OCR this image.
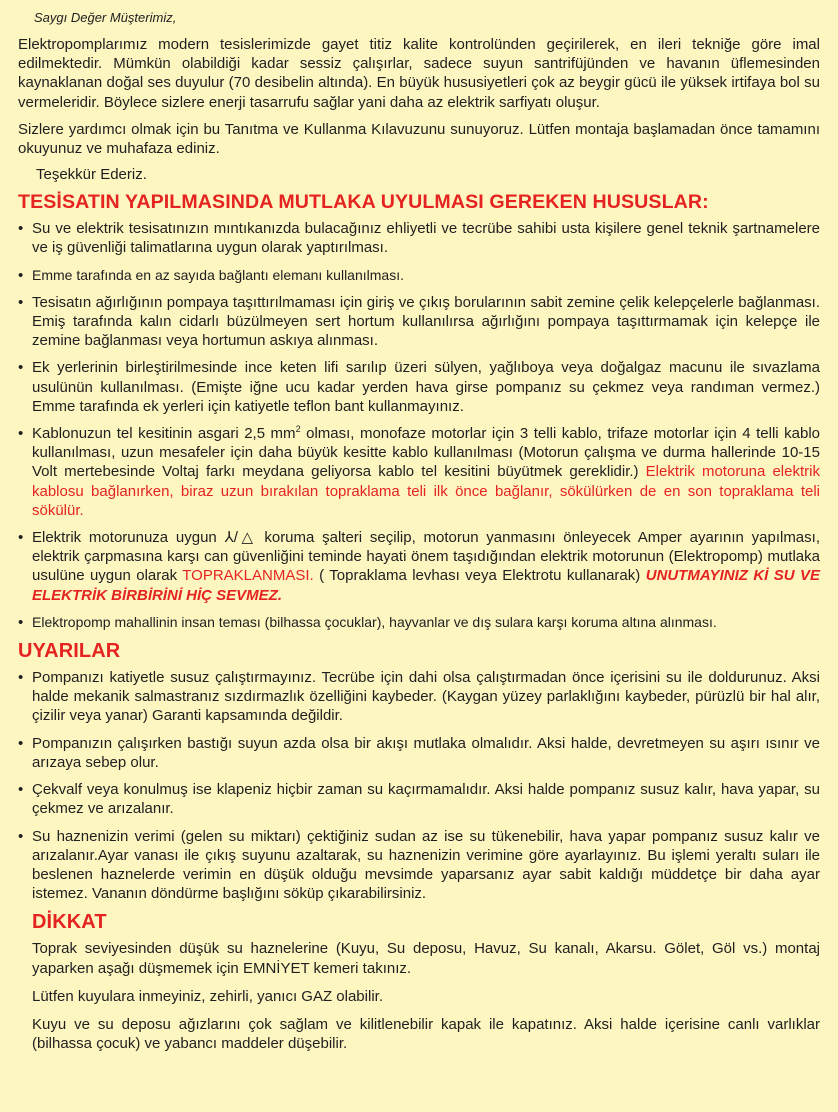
Saygı Değer Müşterimiz,

Elektropomplarımız modern tesislerimizde gayet titiz kalite kontrolünden geçirilerek, en ileri tekniğe göre imal edilmektedir. Mümkün olabildiği kadar sessiz çalışırlar, sadece suyun santrifüjünden ve havanın üflemesinden kaynaklanan doğal ses duyulur (70 desibelin altında). En büyük hususiyetleri çok az beygir gücü ile yüksek irtifaya bol su vermeleridir. Böylece sizlere enerji tasarrufu sağlar yani daha az elektrik sarfiyatı oluşur.

Sizlere yardımcı olmak için bu Tanıtma ve Kullanma Kılavuzunu sunuyoruz. Lütfen montaja başlamadan önce tamamını okuyunuz ve muhafaza ediniz.

Teşekkür Ederiz.
TESİSATIN YAPILMASINDA MUTLAKA UYULMASI GEREKEN HUSUSLAR:
• Su ve elektrik tesisatınızın mıntıkanızda bulacağınız ehliyetli ve tecrübe sahibi usta kişilere genel teknik şartnamelere ve iş güvenliği talimatlarına uygun olarak yaptırılması.
• Emme tarafında en az sayıda bağlantı elemanı kullanılması.
• Tesisatın ağırlığının pompaya taşıttırılmaması için giriş ve çıkış borularının sabit zemine çelik kelepçelerle bağlanması. Emiş tarafında kalın cidarlı büzülmeyen sert hortum kullanılırsa ağırlığını pompaya taşıttırmamak için kelepçe ile zemine bağlanması veya hortumun askıya alınması.
• Ek yerlerinin birleştirilmesinde ince keten lifi sarılıp üzeri sülyen, yağlıboya veya doğalgaz macunu ile sıvazlama usulünün kullanılması. (Emişte iğne ucu kadar yerden hava girse pompanız su çekmez veya randıman vermez.) Emme tarafında ek yerleri için katiyetle teflon bant kullanmayınız.
• Kablonuzun tel kesitinin asgari 2,5 $mm^2$ olması, monofaze motorlar için 3 telli kablo, trifaze motorlar için 4 telli kablo kullanılması, uzun mesafeler için daha büyük kesitte kablo kullanılması (Motorun çalışma ve durma hallerinde 10-15 Volt mertebesinde Voltaj farkı meydana geliyorsa kablo tel kesitini büyütmek gereklidir.) Elektrik motoruna elektrik kablosu bağlanırken, biraz uzun bırakılan topraklama teli ilk önce bağlanır, sökülürken de en son topraklama teli sökülür.
• Elektrik motorunuza uygun ⅄/△ koruma şalteri seçilip, motorun yanmasını önleyecek Amper ayarının yapılması, elektrik çarpmasına karşı can güvenliğini teminde hayati önem taşıdığından elektrik motorunun (Elektropomp) mutlaka usulüne uygun olarak TOPRAKLANMASI. ( Topraklama levhası veya Elektrotu kullanarak) UNUTMAYINIZ Kİ SU VE ELEKTRİK BİRBİRİNİ HİÇ SEVMEZ.
• Elektropomp mahallinin insan teması (bilhassa çocuklar), hayvanlar ve dış sulara karşı koruma altına alınması.
UYARILAR
• Pompanızı katiyetle susuz çalıştırmayınız. Tecrübe için dahi olsa çalıştırmadan önce içerisini su ile doldurunuz. Aksi halde mekanik salmastranız sızdırmazlık özelliğini kaybeder. (Kaygan yüzey parlaklığını kaybeder, pürüzlü bir hal alır, çizilir veya yanar) Garanti kapsamında değildir.
• Pompanızın çalışırken bastığı suyun azda olsa bir akışı mutlaka olmalıdır. Aksi halde, devretmeyen su aşırı ısınır ve arızaya sebep olur.
• Çekvalf veya konulmuş ise klapeniz hiçbir zaman su kaçırmamalıdır. Aksi halde pompanız susuz kalır, hava yapar, su çekmez ve arızalanır.
• Su haznenizin verimi (gelen su miktarı) çektiğiniz sudan az ise su tükenebilir, hava yapar pompanız susuz kalır ve arızalanır.Ayar vanası ile çıkış suyunu azaltarak, su haznenizin verimine göre ayarlayınız. Bu işlemi yeraltı suları ile beslenen haznelerde verimin en düşük olduğu mevsimde yaparsanız ayar sabit kaldığı müddetçe bir daha ayar istemez. Vananın döndürme başlığını söküp çıkarabilirsiniz.
DİKKAT

Toprak seviyesinden düşük su haznelerine (Kuyu, Su deposu, Havuz, Su kanalı, Akarsu. Gölet, Göl vs.) montaj yaparken aşağı düşmemek için EMNİYET kemeri takınız.

Lütfen kuyulara inmeyiniz, zehirli, yanıcı GAZ olabilir.

Kuyu ve su deposu ağızlarını çok sağlam ve kilitlenebilir kapak ile kapatınız. Aksi halde içerisine canlı varlıklar (bilhassa çocuk) ve yabancı maddeler düşebilir.
